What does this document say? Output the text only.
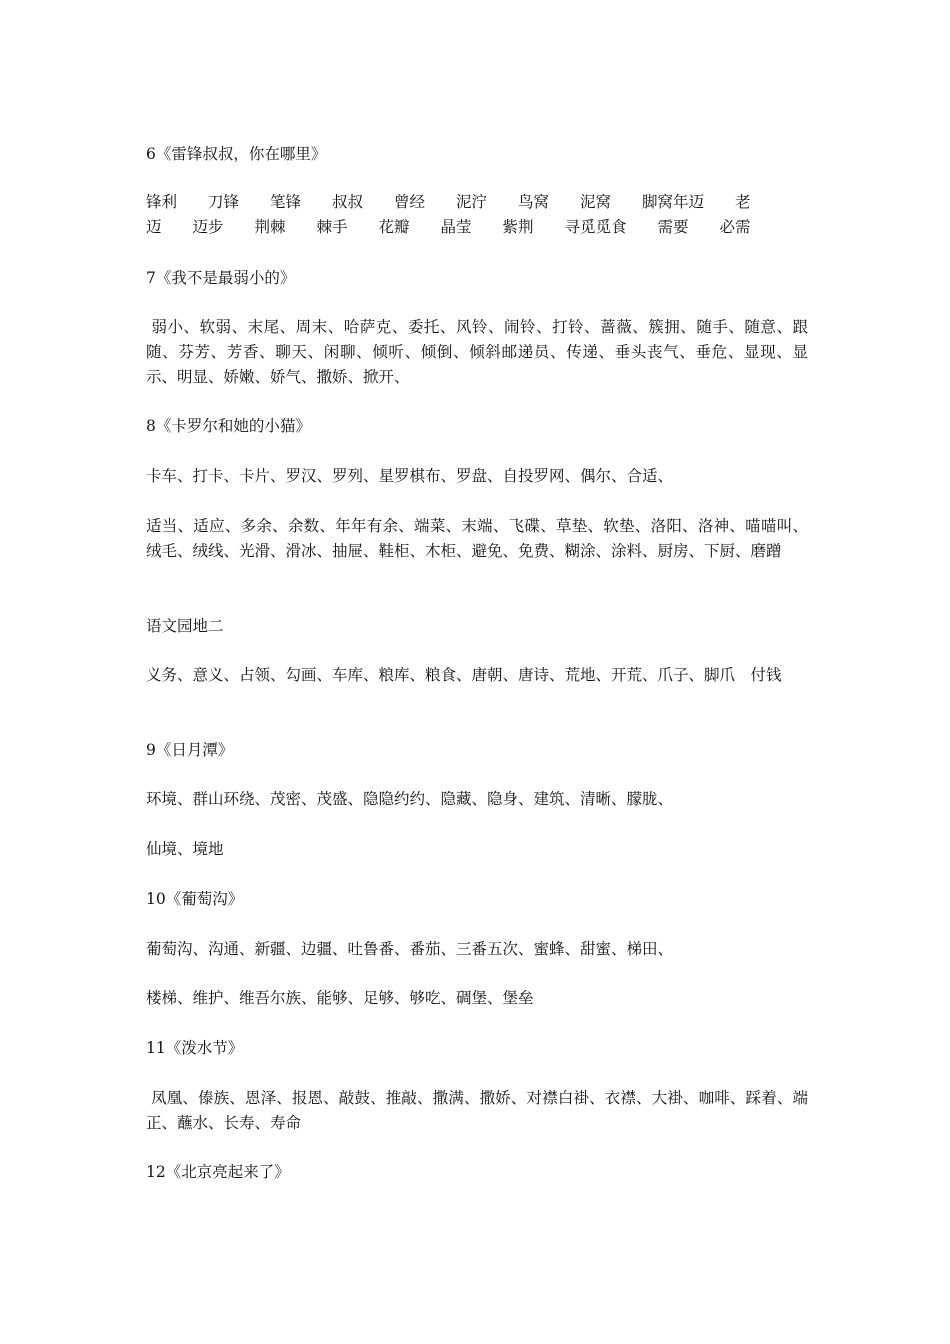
6《雷锋叔叔，你在哪里》
锋利　　刀锋　　笔锋　　叔叔　　曾经　　泥泞　　鸟窝　　泥窝　　脚窝年迈　　老
迈　　迈步　　荆棘　　棘手　　花瓣　　晶莹　　紫荆　　寻觅觅食　　需要　　必需
7《我不是最弱小的》
弱小、软弱、末尾、周末、哈萨克、委托、风铃、闹铃、打铃、蔷薇、簇拥、随手、随意、跟随、芬芳、芳香、聊天、闲聊、倾听、倾倒、倾斜邮递员、传递、垂头丧气、垂危、显现、显示、明显、娇嫩、娇气、撒娇、掀开、
8《卡罗尔和她的小猫》
卡车、打卡、卡片、罗汉、罗列、星罗棋布、罗盘、自投罗网、偶尔、合适、
适当、适应、多余、余数、年年有余、端菜、末端、飞碟、草垫、软垫、洛阳、洛神、喵喵叫、绒毛、绒线、光滑、滑冰、抽屉、鞋柜、木柜、避免、免费、糊涂、涂料、厨房、下厨、磨蹭
语文园地二
义务、意义、占领、勾画、车库、粮库、粮食、唐朝、唐诗、荒地、开荒、爪子、脚爪　付钱
9《日月潭》
环境、群山环绕、茂密、茂盛、隐隐约约、隐藏、隐身、建筑、清晰、朦胧、
仙境、境地
10《葡萄沟》
葡萄沟、沟通、新疆、边疆、吐鲁番、番茄、三番五次、蜜蜂、甜蜜、梯田、
楼梯、维护、维吾尔族、能够、足够、够吃、碉堡、堡垒
11《泼水节》
凤凰、傣族、恩泽、报恩、敲鼓、推敲、撒满、撒娇、对襟白褂、衣襟、大褂、咖啡、踩着、端正、蘸水、长寿、寿命
12《北京亮起来了》
